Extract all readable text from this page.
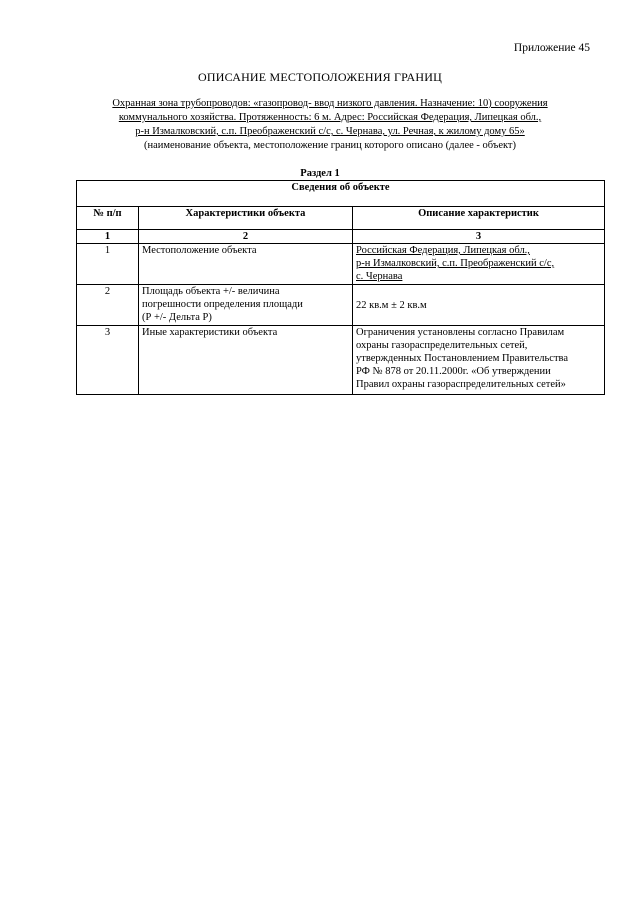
Приложение 45
ОПИСАНИЕ МЕСТОПОЛОЖЕНИЯ ГРАНИЦ
Охранная зона трубопроводов: «газопровод- ввод низкого давления. Назначение: 10) сооружения
коммунального хозяйства. Протяженность: 6 м. Адрес: Российская Федерация, Липецкая обл.,
р-н Измалковский, с.п. Преображенский с/с, с. Чернава, ул. Речная, к жилому дому 65»
(наименование объекта, местоположение границ которого описано (далее - объект)
Раздел 1
Сведения об объекте		
№ п/п	Характеристики объекта	Описание характеристик
1	2	3
1	Местоположение объекта	Российская Федерация, Липецкая обл.,
р-н Измалковский, с.п. Преображенский с/с,
с. Чернава

2	Площадь объекта +/- величина
погрешности определения площади
(Р +/- Дельта Р)	22 кв.м ± 2 кв.м
3	Иные характеристики объекта	Ограничения установлены согласно Правилам
охраны газораспределительных сетей,
утвержденных Постановлением Правительства
РФ № 878 от 20.11.2000г. «Об утверждении
Правил охраны газораспределительных сетей»
